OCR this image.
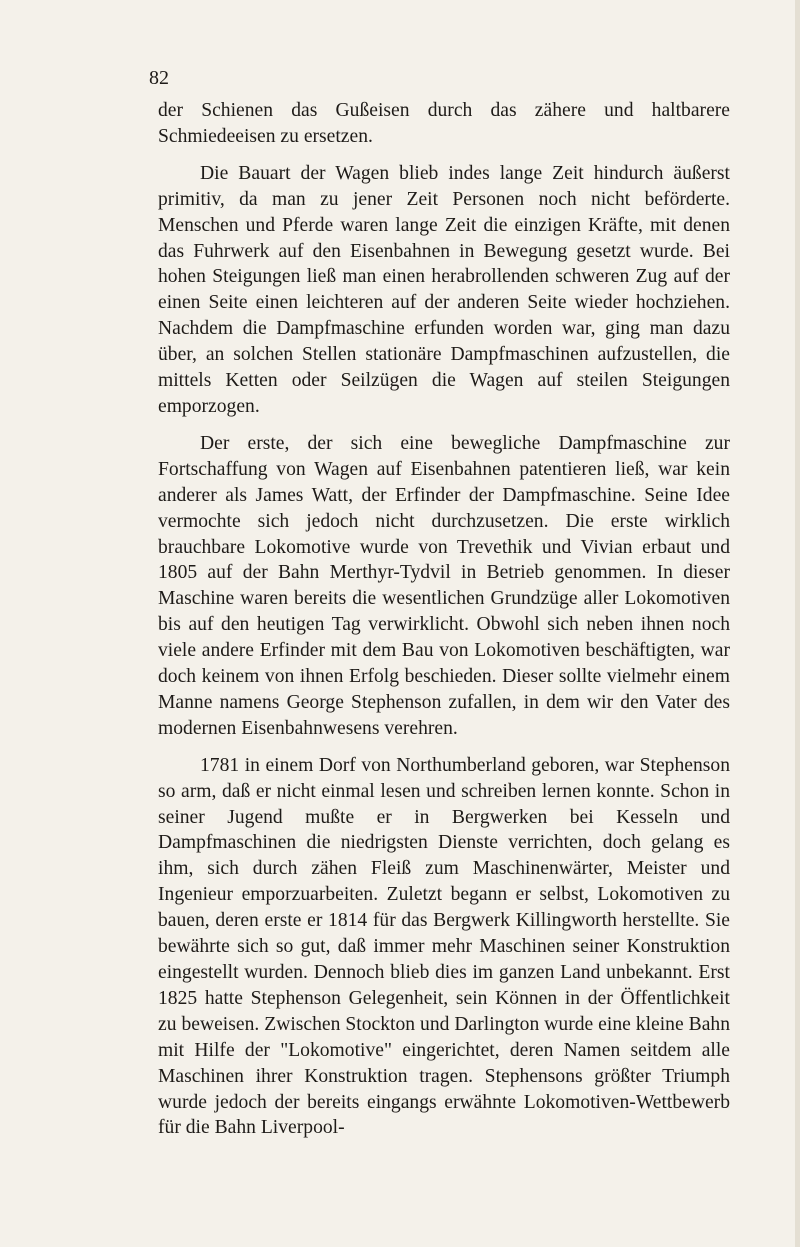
82

der Schienen das Gußeisen durch das zähere und haltbarere Schmiedeeisen zu ersetzen.

Die Bauart der Wagen blieb indes lange Zeit hindurch äußerst primitiv, da man zu jener Zeit Personen noch nicht beförderte. Menschen und Pferde waren lange Zeit die einzigen Kräfte, mit denen das Fuhrwerk auf den Eisenbahnen in Bewegung gesetzt wurde. Bei hohen Steigungen ließ man einen herabrollenden schweren Zug auf der einen Seite einen leichteren auf der anderen Seite wieder hochziehen. Nachdem die Dampfmaschine erfunden worden war, ging man dazu über, an solchen Stellen stationäre Dampfmaschinen aufzustellen, die mittels Ketten oder Seilzügen die Wagen auf steilen Steigungen emporzogen.

Der erste, der sich eine bewegliche Dampfmaschine zur Fortschaffung von Wagen auf Eisenbahnen patentieren ließ, war kein anderer als James Watt, der Erfinder der Dampfmaschine. Seine Idee vermochte sich jedoch nicht durchzusetzen. Die erste wirklich brauchbare Lokomotive wurde von Trevethik und Vivian erbaut und 1805 auf der Bahn Merthyr-Tydvil in Betrieb genommen. In dieser Maschine waren bereits die wesentlichen Grundzüge aller Lokomotiven bis auf den heutigen Tag verwirklicht. Obwohl sich neben ihnen noch viele andere Erfinder mit dem Bau von Lokomotiven beschäftigten, war doch keinem von ihnen Erfolg beschieden. Dieser sollte vielmehr einem Manne namens George Stephenson zufallen, in dem wir den Vater des modernen Eisenbahnwesens verehren.

1781 in einem Dorf von Northumberland geboren, war Stephenson so arm, daß er nicht einmal lesen und schreiben lernen konnte. Schon in seiner Jugend mußte er in Bergwerken bei Kesseln und Dampfmaschinen die niedrigsten Dienste verrichten, doch gelang es ihm, sich durch zähen Fleiß zum Maschinenwärter, Meister und Ingenieur emporzuarbeiten. Zuletzt begann er selbst, Lokomotiven zu bauen, deren erste er 1814 für das Bergwerk Killingworth herstellte. Sie bewährte sich so gut, daß immer mehr Maschinen seiner Konstruktion eingestellt wurden. Dennoch blieb dies im ganzen Land unbekannt. Erst 1825 hatte Stephenson Gelegenheit, sein Können in der Öffentlichkeit zu beweisen. Zwischen Stockton und Darlington wurde eine kleine Bahn mit Hilfe der "Lokomotive" eingerichtet, deren Namen seitdem alle Maschinen ihrer Konstruktion tragen. Stephensons größter Triumph wurde jedoch der bereits eingangs erwähnte Lokomotiven-Wettbewerb für die Bahn Liverpool-
